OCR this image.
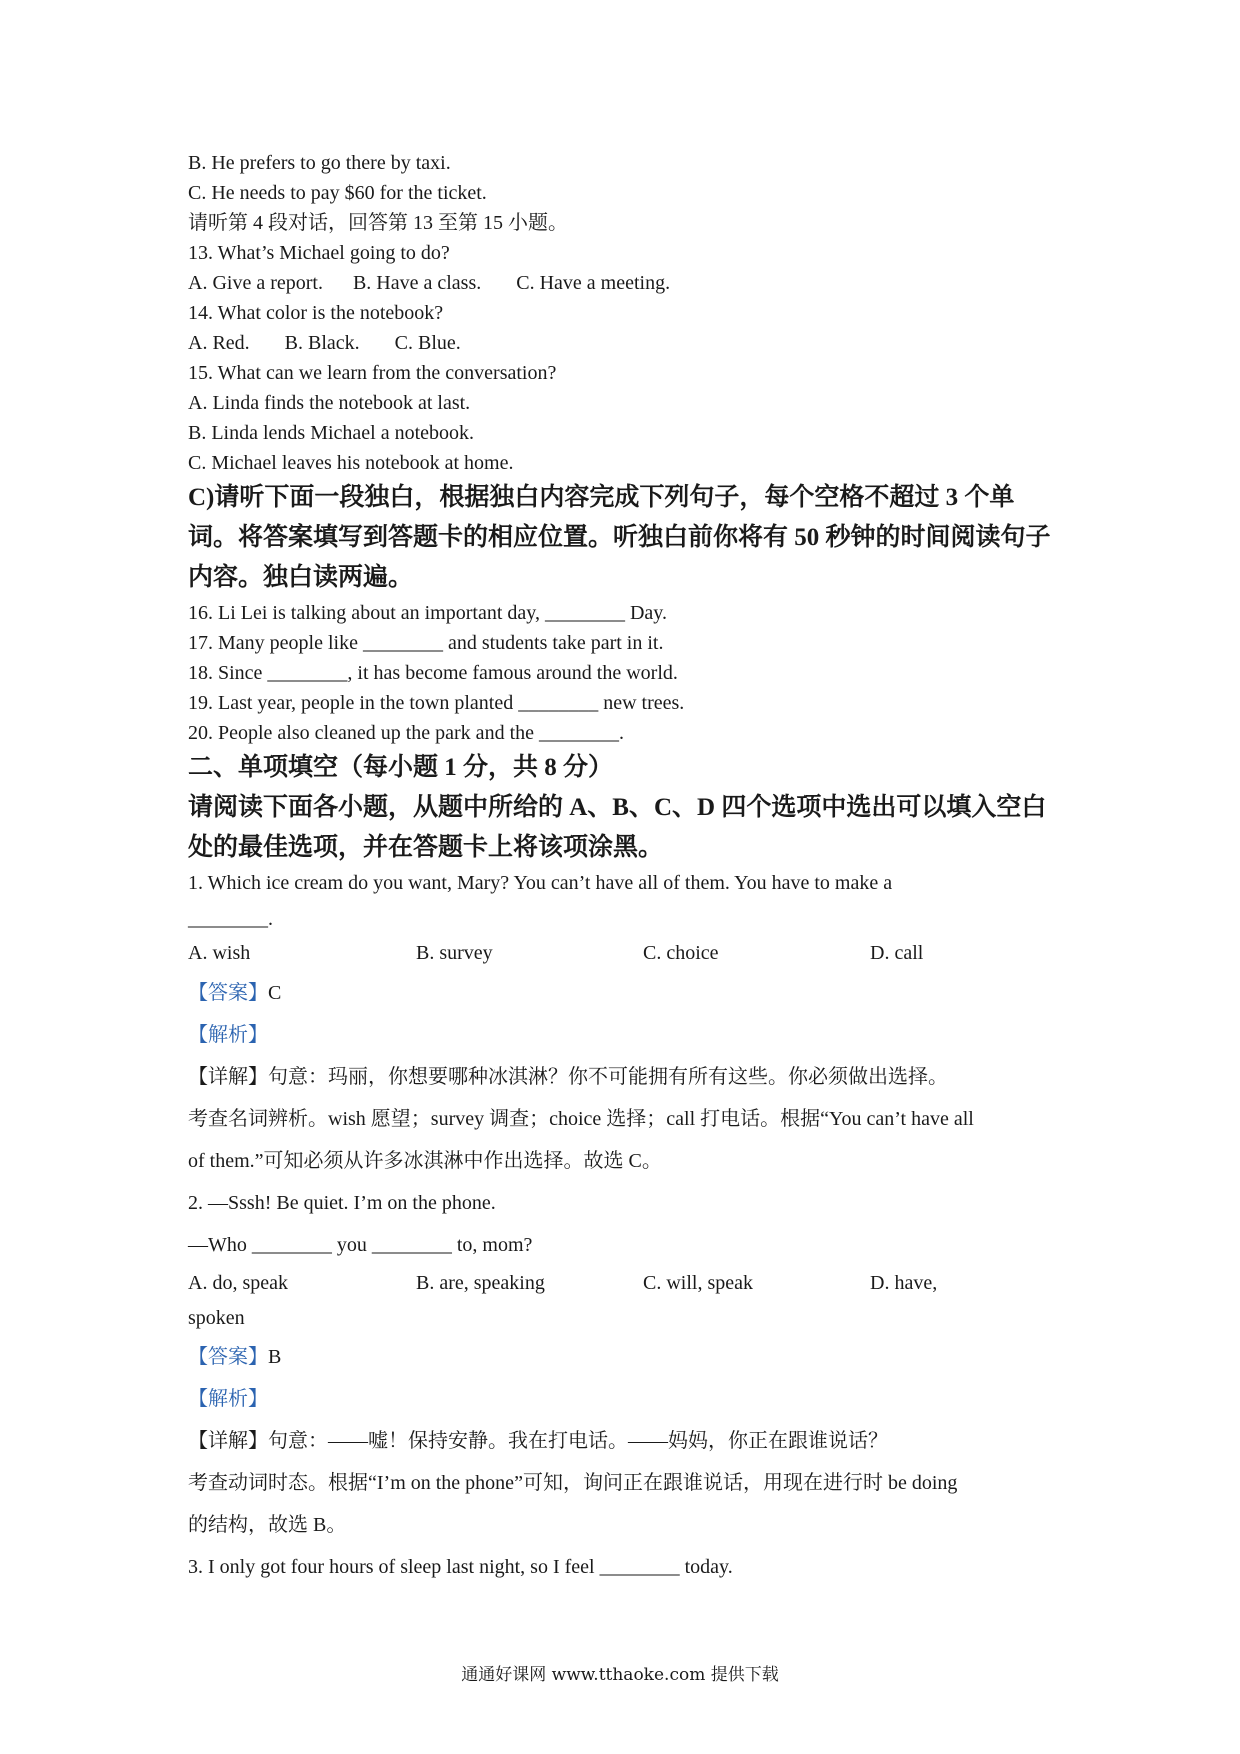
B. He prefers to go there by taxi.
C. He needs to pay $60 for the ticket.
请听第 4 段对话，回答第 13 至第 15 小题。
13. What’s Michael going to do?
A. Give a report.      B. Have a class.       C. Have a meeting.
14. What color is the notebook?
A. Red.       B. Black.       C. Blue.
15. What can we learn from the conversation?
A. Linda finds the notebook at last.
B. Linda lends Michael a notebook.
C. Michael leaves his notebook at home.
C)请听下面一段独白，根据独白内容完成下列句子，每个空格不超过 3 个单
词。将答案填写到答题卡的相应位置。听独白前你将有 50 秒钟的时间阅读句子
内容。独白读两遍。
16. Li Lei is talking about an important day, ________ Day.
17. Many people like ________ and students take part in it.
18. Since ________, it has become famous around the world.
19. Last year, people in the town planted ________ new trees.
20. People also cleaned up the park and the ________.
二、单项填空（每小题 1 分，共 8 分）
请阅读下面各小题，从题中所给的 A、B、C、D 四个选项中选出可以填入空白
处的最佳选项，并在答题卡上将该项涂黑。
1. Which ice cream do you want, Mary? You can’t have all of them. You have to make a
________.
A. wish	B. survey	C. choice	D. call
【答案】C
【解析】
【详解】句意：玛丽，你想要哪种冰淇淋？你不可能拥有所有这些。你必须做出选择。
考查名词辨析。wish 愿望；survey 调查；choice 选择；call 打电话。根据“You can’t have all
of them.”可知必须从许多冰淇淋中作出选择。故选 C。
2. —Sssh! Be quiet. I’m on the phone.
—Who ________ you ________ to, mom?
A. do, speak	B. are, speaking	C. will, speak	D. have,
spoken
【答案】B
【解析】
【详解】句意：——嘘！保持安静。我在打电话。——妈妈，你正在跟谁说话？
考查动词时态。根据“I’m on the phone”可知，询问正在跟谁说话，用现在进行时 be doing
的结构，故选 B。
3. I only got four hours of sleep last night, so I feel ________ today.
通通好课网 www.tthaoke.com 提供下载
